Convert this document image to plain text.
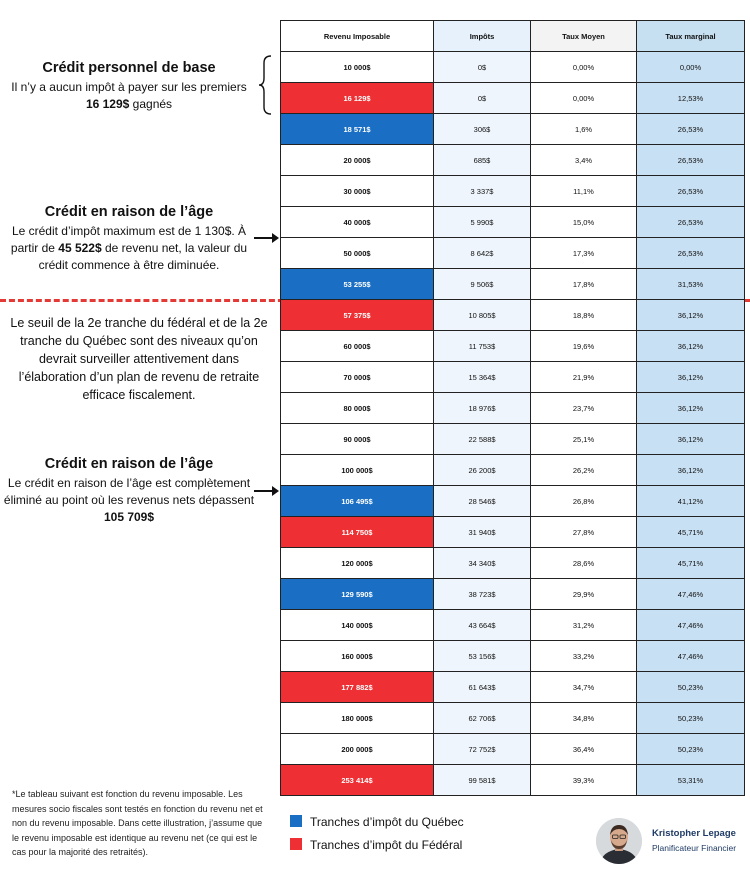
Crédit personnel de base
Il n’y a aucun impôt à payer sur les premiers
16 129$ gagnés
Crédit en raison de l’âge
Le crédit d’impôt maximum est de 1 130$. À
partir de 45 522$ de revenu net, la valeur du
crédit commence à être diminuée.
Le seuil de la 2e tranche du fédéral et de la 2e
tranche du Québec sont des niveaux qu’on
devrait surveiller attentivement dans
l’élaboration d’un plan de revenu de retraite
efficace fiscalement.
Crédit en raison de l’âge
Le crédit en raison de l’âge est complètement
éliminé au point où les revenus nets dépassent
105 709$
Revenu Imposable	Impôts	Taux Moyen	Taux marginal
10 000$	0$	0,00%	0,00%
16 129$	0$	0,00%	12,53%
18 571$	306$	1,6%	26,53%
20 000$	685$	3,4%	26,53%
30 000$	3 337$	11,1%	26,53%
40 000$	5 990$	15,0%	26,53%
50 000$	8 642$	17,3%	26,53%
53 255$	9 506$	17,8%	31,53%
57 375$	10 805$	18,8%	36,12%
60 000$	11 753$	19,6%	36,12%
70 000$	15 364$	21,9%	36,12%
80 000$	18 976$	23,7%	36,12%
90 000$	22 588$	25,1%	36,12%
100 000$	26 200$	26,2%	36,12%
106 495$	28 546$	26,8%	41,12%
114 750$	31 940$	27,8%	45,71%
120 000$	34 340$	28,6%	45,71%
129 590$	38 723$	29,9%	47,46%
140 000$	43 664$	31,2%	47,46%
160 000$	53 156$	33,2%	47,46%
177 882$	61 643$	34,7%	50,23%
180 000$	62 706$	34,8%	50,23%
200 000$	72 752$	36,4%	50,23%
253 414$	99 581$	39,3%	53,31%
Tranches d’impôt du Québec
Tranches d’impôt du Fédéral
*Le tableau suivant est fonction du revenu imposable. Les mesures socio fiscales sont testés en fonction du revenu net et non du revenu imposable. Dans cette illustration, j’assume que le revenu imposable est identique au revenu net (ce qui est le cas pour la majorité des retraités).
Kristopher Lepage
Planificateur Financier
